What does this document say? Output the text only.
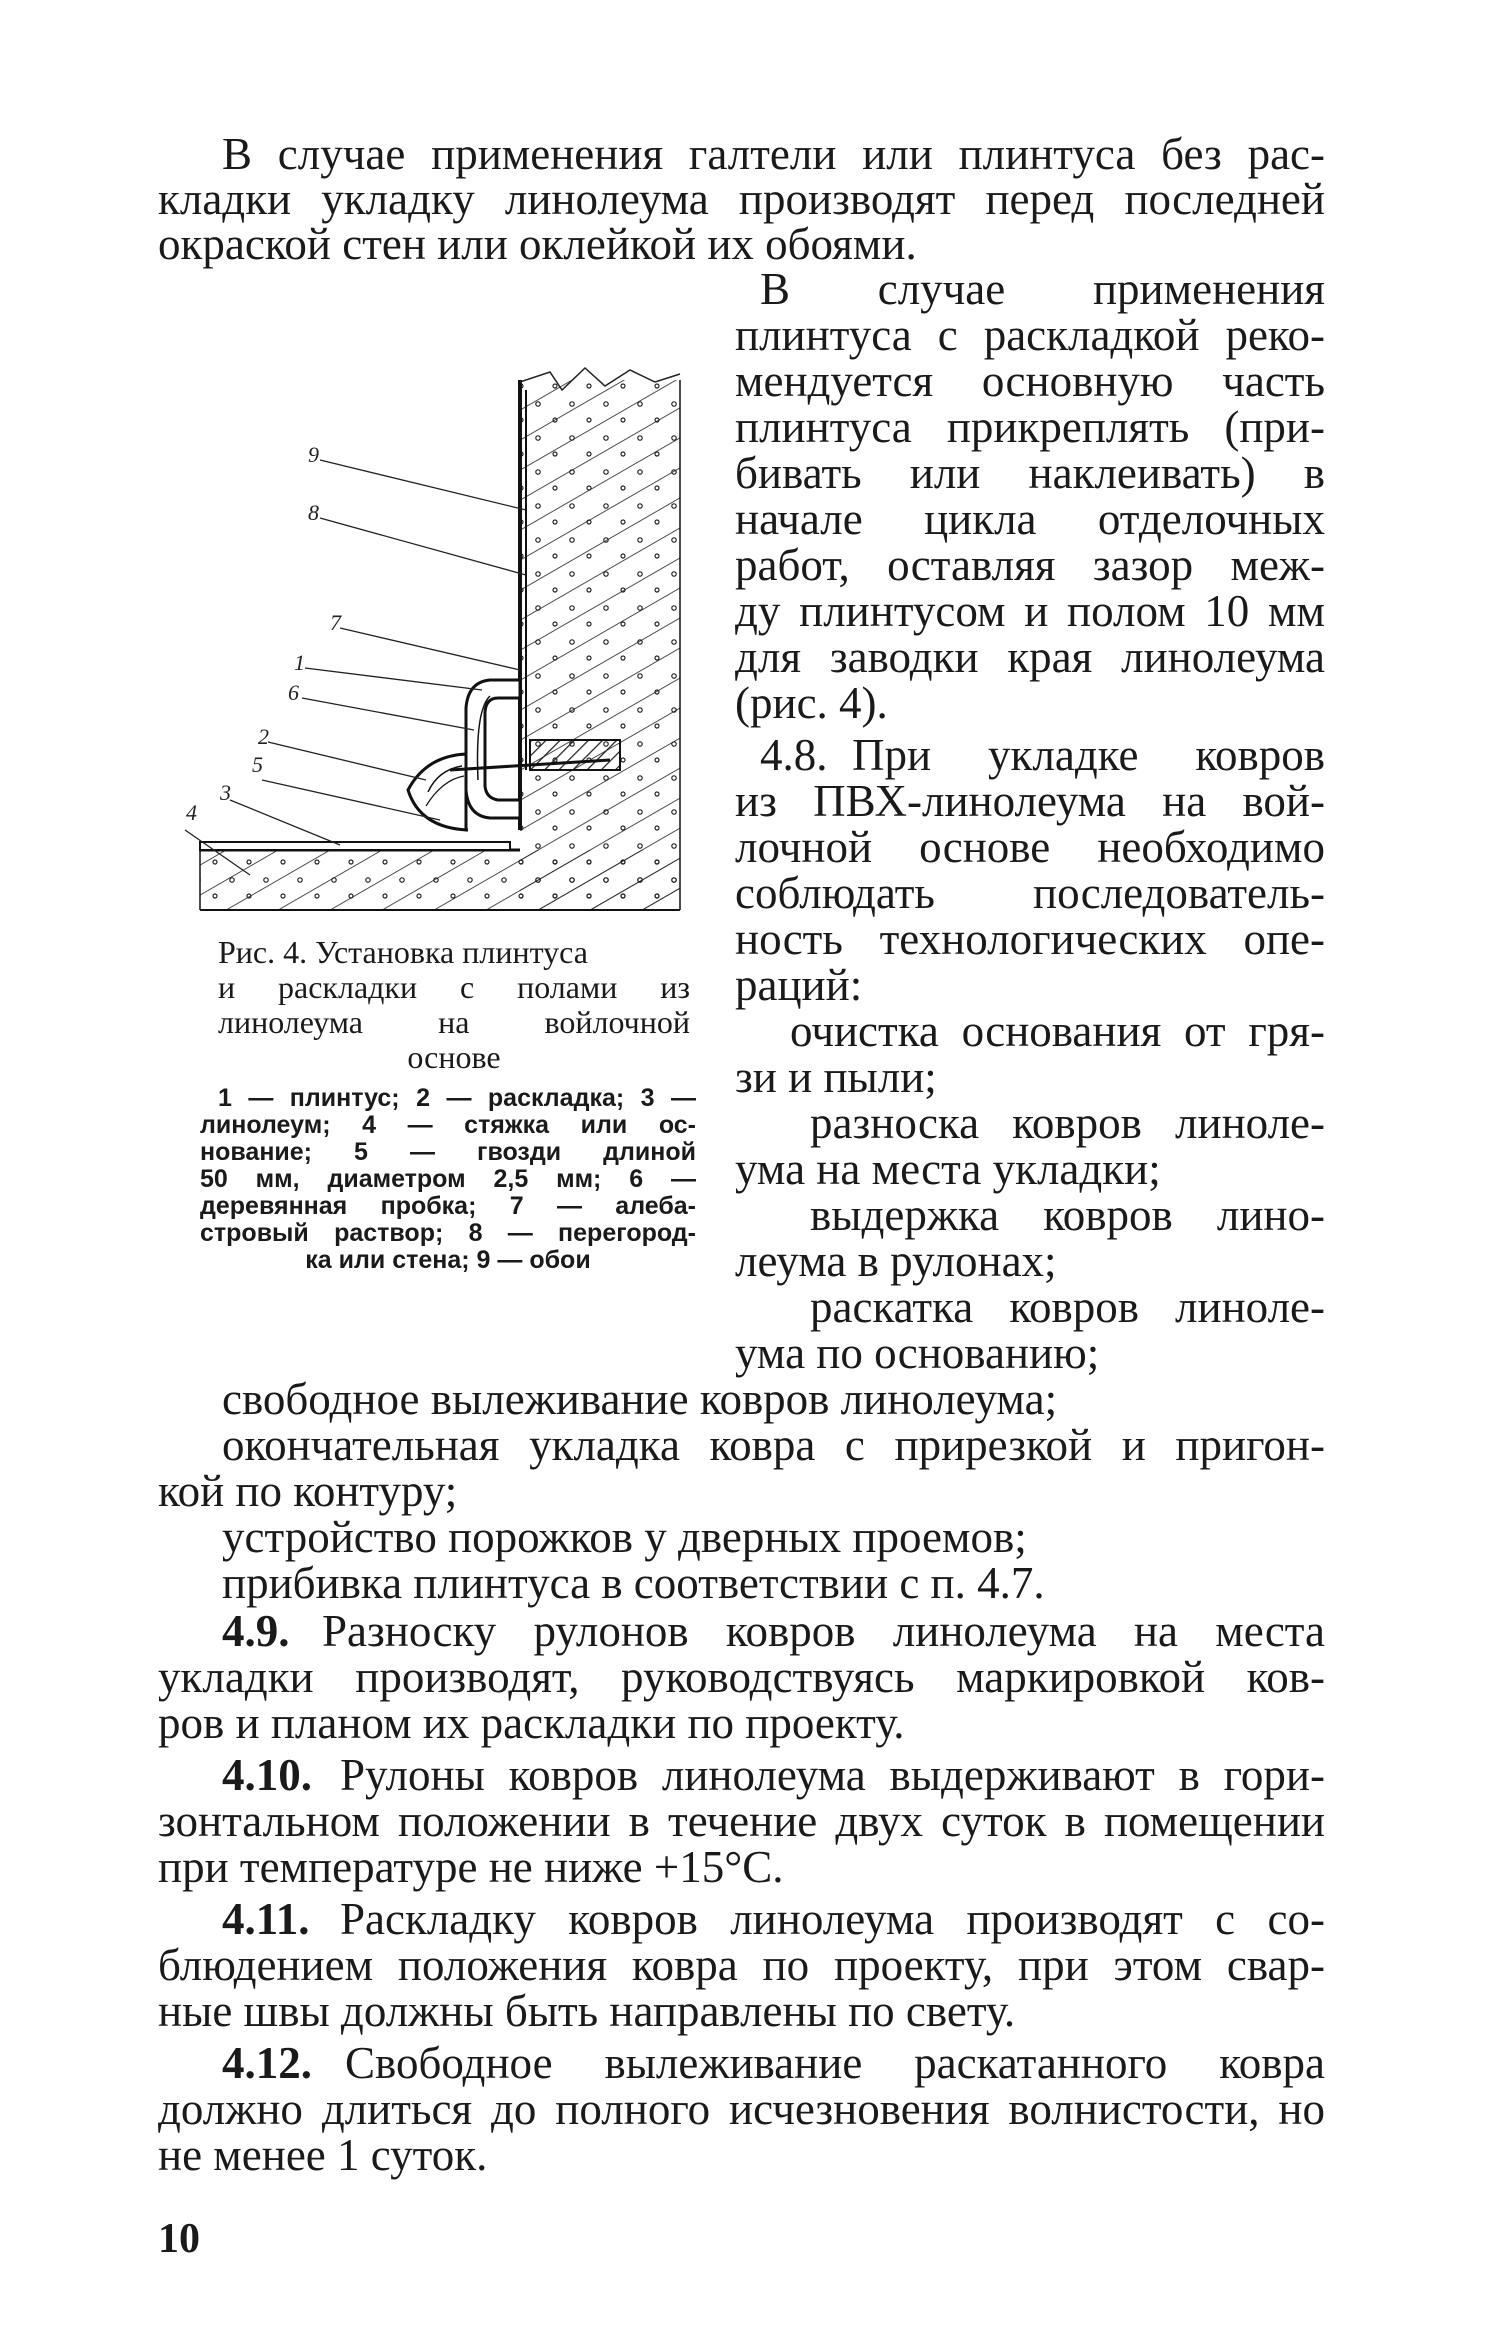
В случае применения галтели или плинтуса без рас-
кладки укладку линолеума производят перед последней
окраской стен или оклейкой их обоями.
В случае применения
плинтуса с раскладкой реко-
мендуется основную часть
плинтуса прикреплять (при-
бивать или наклеивать) в
начале цикла отделочных
работ, оставляя зазор меж-
ду плинтусом и полом 10 мм
для заводки края линолеума
(рис. 4).
4.8. При укладке ковров
из ПВХ-линолеума на вой-
лочной основе необходимо
соблюдать последователь-
ность технологических опе-
раций:
очистка основания от гря-
зи и пыли;
разноска ковров линоле-
ума на места укладки;
выдержка ковров лино-
леума в рулонах;
раскатка ковров линоле-
ума по основанию;
свободное вылеживание ковров линолеума;
окончательная укладка ковра с прирезкой и пригон-
кой по контуру;
устройство порожков у дверных проемов;
прибивка плинтуса в соответствии с п. 4.7.
4.9. Разноску рулонов ковров линолеума на места
укладки производят, руководствуясь маркировкой ков-
ров и планом их раскладки по проекту.
4.10. Рулоны ковров линолеума выдерживают в гори-
зонтальном положении в течение двух суток в помещении
при температуре не ниже +15°С.
4.11. Раскладку ковров линолеума производят с со-
блюдением положения ковра по проекту, при этом свар-
ные швы должны быть направлены по свету.
4.12. Свободное вылеживание раскатанного ковра
должно длиться до полного исчезновения волнистости, но
не менее 1 суток.
10
Рис. 4. Установка плинтуса
и раскладки с полами из
линолеума на войлочной
основе
1 — плинтус; 2 — раскладка; 3 —
линолеум; 4 — стяжка или ос-
нование; 5 — гвозди длиной
50 мм, диаметром 2,5 мм; 6 —
деревянная пробка; 7 — алеба-
стровый раствор; 8 — перегород-
ка или стена; 9 — обои
9
8
7
1
6
2
5
3
4
